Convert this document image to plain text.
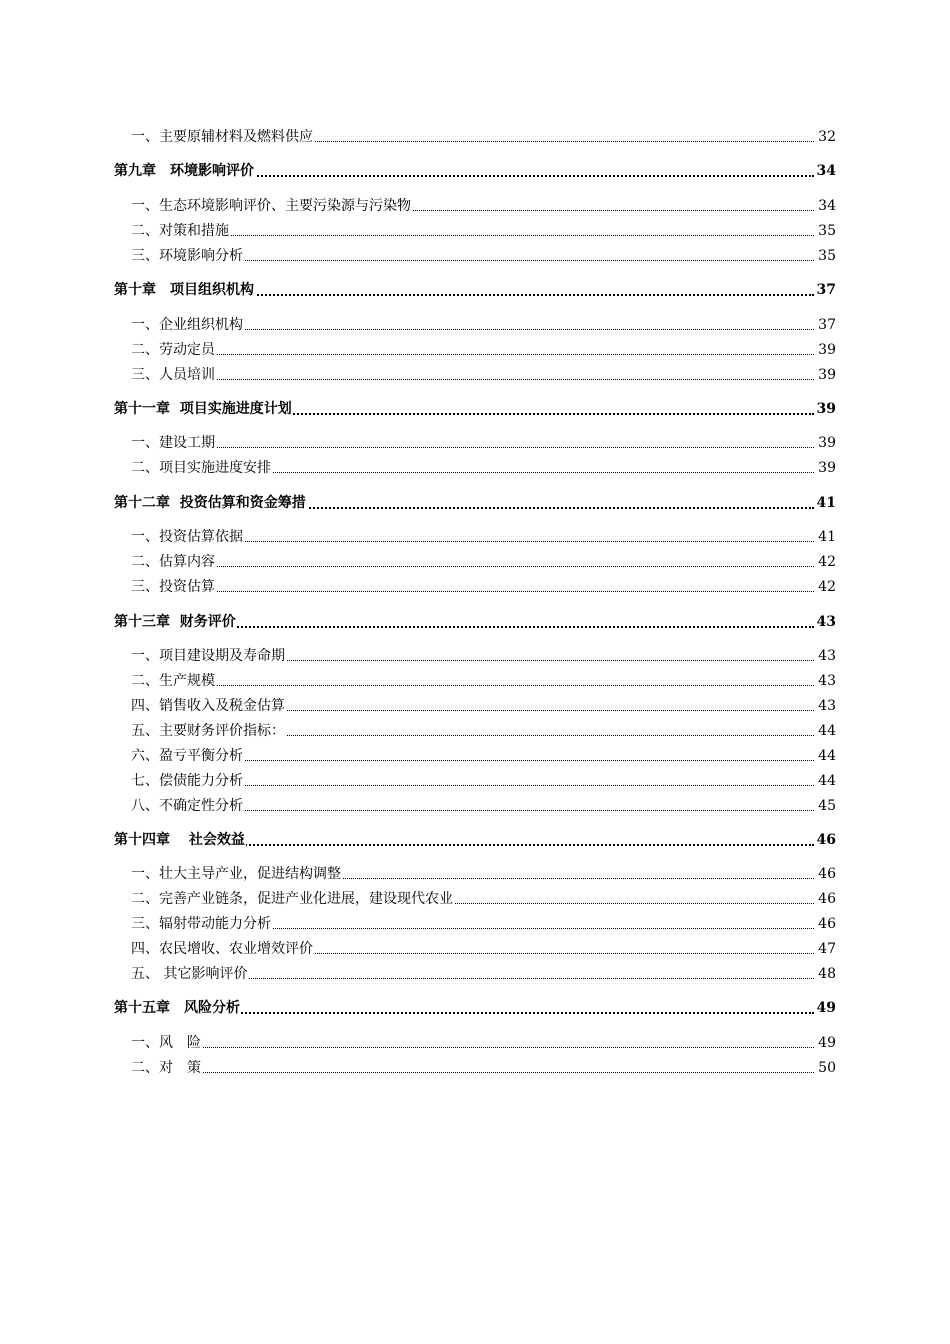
一、主要原辅材料及燃料供应	32
第九章　环境影响评价	34
一、生态环境影响评价、主要污染源与污染物	34
二、对策和措施	35
三、环境影响分析	35
第十章　项目组织机构	37
一、企业组织机构	37
二、劳动定员	39
三、人员培训	39
第十一章  项目实施进度计划	39
一、建设工期	39
二、项目实施进度安排	39
第十二章  投资估算和资金筹措	41
一、投资估算依据	41
二、估算内容	42
三、投资估算	42
第十三章  财务评价	43
一、项目建设期及寿命期	43
二、生产规模	43
四、销售收入及税金估算	43
五、主要财务评价指标：	44
六、盈亏平衡分析	44
七、偿债能力分析	44
八、不确定性分析	45
第十四章　 社会效益	46
一、壮大主导产业，促进结构调整	46
二、完善产业链条，促进产业化进展，建设现代农业	46
三、辐射带动能力分析	46
四、农民增收、农业增效评价	47
五、 其它影响评价	48
第十五章　风险分析	49
一、风　险	49
二、对　策	50
